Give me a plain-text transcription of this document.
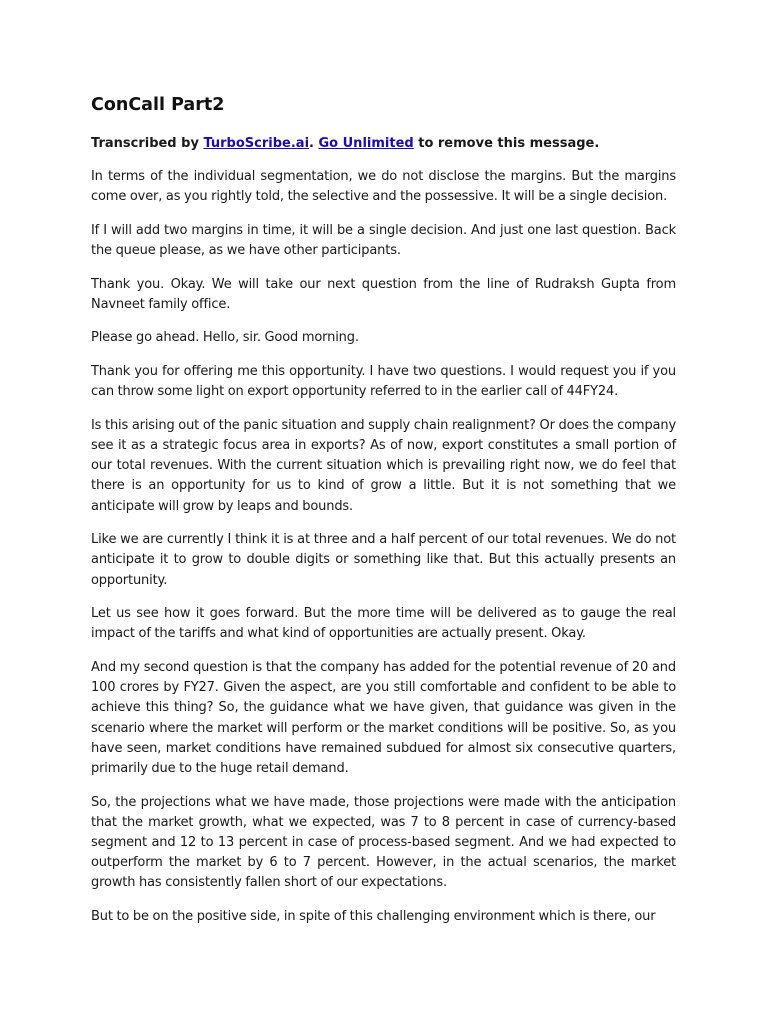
ConCall Part2
Transcribed by TurboScribe.ai. Go Unlimited to remove this message.

In terms of the individual segmentation, we do not disclose the margins. But the margins come over, as you rightly told, the selective and the possessive. It will be a single decision.

If I will add two margins in time, it will be a single decision. And just one last question. Back the queue please, as we have other participants.

Thank you. Okay. We will take our next question from the line of Rudraksh Gupta from Navneet family office.

Please go ahead. Hello, sir. Good morning.

Thank you for offering me this opportunity. I have two questions. I would request you if you can throw some light on export opportunity referred to in the earlier call of 44FY24.

Is this arising out of the panic situation and supply chain realignment? Or does the company see it as a strategic focus area in exports? As of now, export constitutes a small portion of our total revenues. With the current situation which is prevailing right now, we do feel that there is an opportunity for us to kind of grow a little. But it is not something that we anticipate will grow by leaps and bounds.

Like we are currently I think it is at three and a half percent of our total revenues. We do not anticipate it to grow to double digits or something like that. But this actually presents an opportunity.

Let us see how it goes forward. But the more time will be delivered as to gauge the real impact of the tariffs and what kind of opportunities are actually present. Okay.

And my second question is that the company has added for the potential revenue of 20 and 100 crores by FY27. Given the aspect, are you still comfortable and confident to be able to achieve this thing? So, the guidance what we have given, that guidance was given in the scenario where the market will perform or the market conditions will be positive. So, as you have seen, market conditions have remained subdued for almost six consecutive quarters, primarily due to the huge retail demand.

So, the projections what we have made, those projections were made with the anticipation that the market growth, what we expected, was 7 to 8 percent in case of currency-based segment and 12 to 13 percent in case of process-based segment. And we had expected to outperform the market by 6 to 7 percent. However, in the actual scenarios, the market growth has consistently fallen short of our expectations.

But to be on the positive side, in spite of this challenging environment which is there, our
